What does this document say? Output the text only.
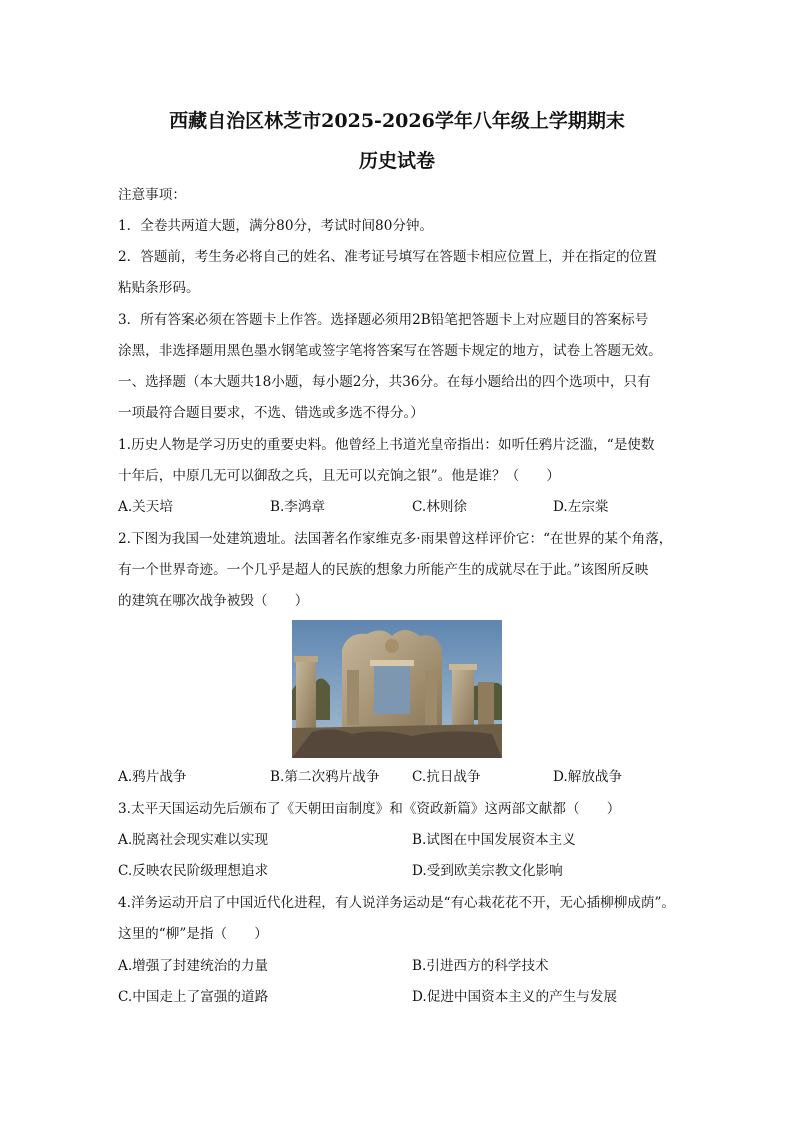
西藏自治区林芝市2025-2026学年八年级上学期期末
历史试卷

注意事项：

1．全卷共两道大题，满分80分，考试时间80分钟。

2．答题前，考生务必将自己的姓名、准考证号填写在答题卡相应位置上，并在指定的位置

粘贴条形码。

3．所有答案必须在答题卡上作答。选择题必须用2B铅笔把答题卡上对应题目的答案标号

涂黑，非选择题用黑色墨水钢笔或签字笔将答案写在答题卡规定的地方，试卷上答题无效。

一、选择题（本大题共18小题，每小题2分，共36分。在每小题给出的四个选项中，只有

一项最符合题目要求，不选、错选或多选不得分。）

1.历史人物是学习历史的重要史料。他曾经上书道光皇帝指出：如听任鸦片泛滥，“是使数

十年后，中原几无可以御敌之兵，且无可以充饷之银”。他是谁？（　　）

A.关天培	B.李鸿章	C.林则徐	D.左宗棠

2.下图为我国一处建筑遗址。法国著名作家维克多·雨果曾这样评价它：“在世界的某个角落，

有一个世界奇迹。一个几乎是超人的民族的想象力所能产生的成就尽在于此。”该图所反映

的建筑在哪次战争被毁（　　）

A.鸦片战争	B.第二次鸦片战争 C.抗日战争	D.解放战争

3.太平天国运动先后颁布了《天朝田亩制度》和《资政新篇》这两部文献都（　　）

A.脱离社会现实难以实现	B.试图在中国发展资本主义

C.反映农民阶级理想追求	D.受到欧美宗教文化影响

4.洋务运动开启了中国近代化进程，有人说洋务运动是“有心栽花花不开，无心插柳柳成荫”。

这里的“柳”是指（　　）

A.增强了封建统治的力量	B.引进西方的科学技术

C.中国走上了富强的道路	D.促进中国资本主义的产生与发展
